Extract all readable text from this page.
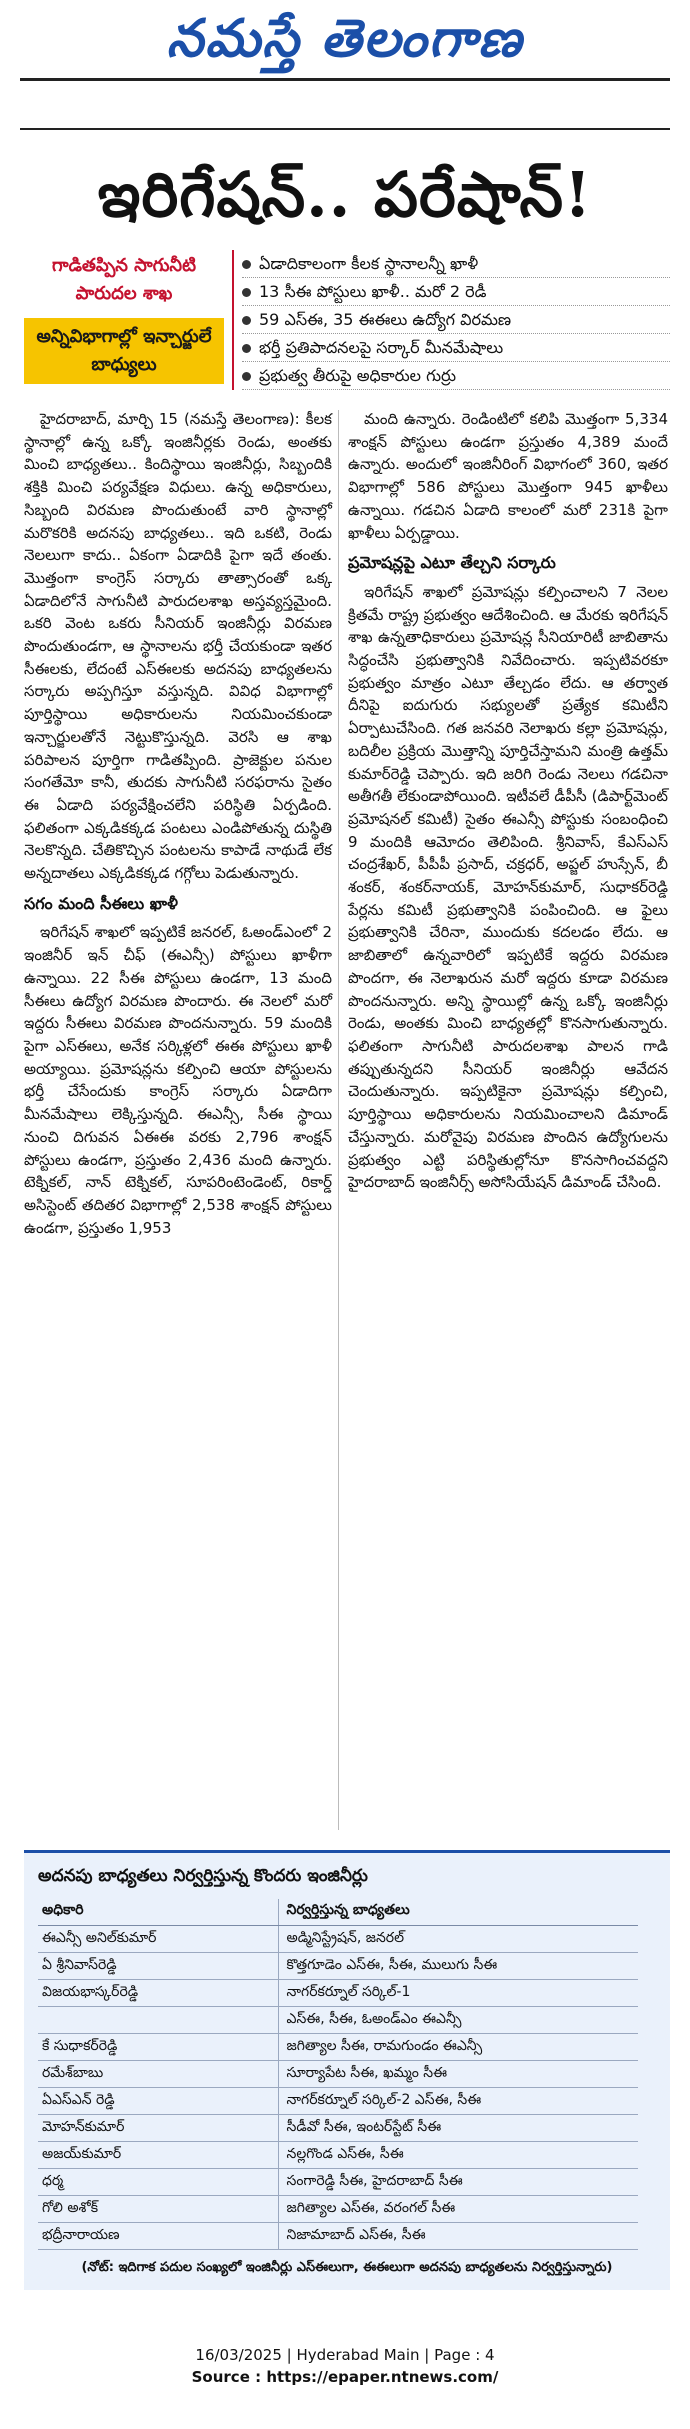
నమస్తే తెలంగాణ
ఇరిగేషన్.. పరేషాన్!
గాడితప్పిన సాగునీటి పారుదల శాఖ
అన్నివిభాగాల్లో ఇన్చార్జులే బాధ్యులు
ఏడాదికాలంగా కీలక స్థానాలన్నీ ఖాళీ
13 సీఈ పోస్టులు ఖాళీ.. మరో 2 రెడీ
59 ఎస్ఈ, 35 ఈఈలు ఉద్యోగ విరమణ
భర్తీ ప్రతిపాదనలపై సర్కార్ మీనమేషాలు
ప్రభుత్వ తీరుపై అధికారుల గుర్రు

హైదరాబాద్, మార్చి 15 (నమస్తే తెలంగాణ): కీలక స్థానాల్లో ఉన్న ఒక్కో ఇంజినీర్లకు రెండు, అంతకు మించి బాధ్యతలు.. కిందిస్థాయి ఇంజినీర్లు, సిబ్బందికి శక్తికి మించి పర్యవేక్షణ విధులు. ఉన్న అధికారులు, సిబ్బంది విరమణ పొందుతుంటే వారి స్థానాల్లో మరొకరికి అదనపు బాధ్యతలు.. ఇది ఒకటి, రెండు నెలలుగా కాదు.. ఏకంగా ఏడాదికి పైగా ఇదే తంతు. మొత్తంగా కాంగ్రెస్ సర్కారు తాత్సారంతో ఒక్క ఏడాదిలోనే సాగునీటి పారుదలశాఖ అస్తవ్యస్తమైంది. ఒకరి వెంట ఒకరు సీనియర్ ఇంజినీర్లు విరమణ పొందుతుండగా, ఆ స్థానాలను భర్తీ చేయకుండా ఇతర సీఈలకు, లేదంటే ఎస్ఈలకు అదనపు బాధ్యతలను సర్కారు అప్పగిస్తూ వస్తున్నది. వివిధ విభాగాల్లో పూర్తిస్థాయి అధికారులను నియమించకుండా ఇన్చార్జులతోనే నెట్టుకొస్తున్నది. వెరసి ఆ శాఖ పరిపాలన పూర్తిగా గాడితప్పింది. ప్రాజెక్టుల పనుల సంగతేమో కానీ, తుదకు సాగునీటి సరఫరాను సైతం ఈ ఏడాది పర్యవేక్షించలేని పరిస్థితి ఏర్పడింది. ఫలితంగా ఎక్కడికక్కడ పంటలు ఎండిపోతున్న దుస్థితి నెలకొన్నది. చేతికొచ్చిన పంటలను కాపాడే నాథుడే లేక అన్నదాతలు ఎక్కడికక్కడ గగ్గోలు పెడుతున్నారు.

సగం మంది సీఈలు ఖాళీ

ఇరిగేషన్ శాఖలో ఇప్పటికే జనరల్, ఓఅండ్ఎంలో 2 ఇంజినీర్ ఇన్ చీఫ్ (ఈఎన్సీ) పోస్టులు ఖాళీగా ఉన్నాయి. 22 సీఈ పోస్టులు ఉండగా, 13 మంది సీఈలు ఉద్యోగ విరమణ పొందారు. ఈ నెలలో మరో ఇద్దరు సీఈలు విరమణ పొందనున్నారు. 59 మందికి పైగా ఎస్ఈలు, అనేక సర్కిళ్లలో ఈఈ పోస్టులు ఖాళీ అయ్యాయి. ప్రమోషన్లను కల్పించి ఆయా పోస్టులను భర్తీ చేసేందుకు కాంగ్రెస్ సర్కారు ఏడాదిగా మీనమేషాలు లెక్కిస్తున్నది. ఈఎన్సీ, సీఈ స్థాయి నుంచి దిగువన ఏఈఈ వరకు 2,796 శాంక్షన్ పోస్టులు ఉండగా, ప్రస్తుతం 2,436 మంది ఉన్నారు. టెక్నికల్, నాన్ టెక్నికల్, సూపరింటెండెంట్, రికార్డ్ అసిస్టెంట్ తదితర విభాగాల్లో 2,538 శాంక్షన్ పోస్టులు ఉండగా, ప్రస్తుతం 1,953

మంది ఉన్నారు. రెండింటిలో కలిపి మొత్తంగా 5,334 శాంక్షన్ పోస్టులు ఉండగా ప్రస్తుతం 4,389 మందే ఉన్నారు. అందులో ఇంజినీరింగ్ విభాగంలో 360, ఇతర విభాగాల్లో 586 పోస్టులు మొత్తంగా 945 ఖాళీలు ఉన్నాయి. గడచిన ఏడాది కాలంలో మరో 231కి పైగా ఖాళీలు ఏర్పడ్డాయి.

ప్రమోషన్లపై ఎటూ తేల్చని సర్కారు

ఇరిగేషన్ శాఖలో ప్రమోషన్లు కల్పించాలని 7 నెలల క్రితమే రాష్ట్ర ప్రభుత్వం ఆదేశించింది. ఆ మేరకు ఇరిగేషన్ శాఖ ఉన్నతాధికారులు ప్రమోషన్ల సీనియారిటీ జాబితాను సిద్ధంచేసి ప్రభుత్వానికి నివేదించారు. ఇప్పటివరకూ ప్రభుత్వం మాత్రం ఎటూ తేల్చడం లేదు. ఆ తర్వాత దీనిపై ఐదుగురు సభ్యులతో ప్రత్యేక కమిటీని ఏర్పాటుచేసింది. గత జనవరి నెలాఖరు కల్లా ప్రమోషన్లు, బదిలీల ప్రక్రియ మొత్తాన్ని పూర్తిచేస్తామని మంత్రి ఉత్తమ్ కుమార్‌రెడ్డి చెప్పారు. ఇది జరిగి రెండు నెలలు గడచినా అతీగతీ లేకుండాపోయింది. ఇటీవలే డీపీసీ (డిపార్ట్‌మెంట్ ప్రమోషనల్ కమిటీ) సైతం ఈఎన్సీ పోస్టుకు సంబంధించి 9 మందికి ఆమోదం తెలిపింది. శ్రీనివాస్, కేఎస్ఎస్ చంద్రశేఖర్, పీపీపీ ప్రసాద్, చక్రధర్, అప్జల్ హుస్సేన్, బీ శంకర్, శంకర్‌నాయక్, మోహన్‌కుమార్, సుధాకర్‌రెడ్డి పేర్లను కమిటీ ప్రభుత్వానికి పంపించింది. ఆ ఫైలు ప్రభుత్వానికి చేరినా, ముందుకు కదలడం లేదు. ఆ జాబితాలో ఉన్నవారిలో ఇప్పటికే ఇద్దరు విరమణ పొందగా, ఈ నెలాఖరున మరో ఇద్దరు కూడా విరమణ పొందనున్నారు. అన్ని స్థాయిల్లో ఉన్న ఒక్కో ఇంజినీర్లు రెండు, అంతకు మించి బాధ్యతల్లో కొనసాగుతున్నారు. ఫలితంగా సాగునీటి పారుదలశాఖ పాలన గాడి తప్పుతున్నదని సీనియర్ ఇంజినీర్లు ఆవేదన చెందుతున్నారు. ఇప్పటికైనా ప్రమోషన్లు కల్పించి, పూర్తిస్థాయి అధికారులను నియమించాలని డిమాండ్ చేస్తున్నారు. మరోవైపు విరమణ పొందిన ఉద్యోగులను ప్రభుత్వం ఎట్టి పరిస్థితుల్లోనూ కొనసాగించవద్దని హైదరాబాద్ ఇంజినీర్స్ అసోసియేషన్ డిమాండ్ చేసింది.

అదనపు బాధ్యతలు నిర్వర్తిస్తున్న కొందరు ఇంజినీర్లు
అధికారి	నిర్వర్తిస్తున్న బాధ్యతలు
ఈఎన్సీ అనిల్‌కుమార్	అడ్మినిస్ట్రేషన్, జనరల్
ఏ శ్రీనివాస్‌రెడ్డి	కొత్తగూడెం ఎస్ఈ, సీఈ, ములుగు సీఈ
విజయభాస్కర్‌రెడ్డి	నాగర్‌కర్నూల్ సర్కిల్-1
	ఎస్ఈ, సీఈ, ఓఅండ్ఎం ఈఎన్సీ
కే సుధాకర్‌రెడ్డి	జగిత్యాల సీఈ, రామగుండం ఈఎన్సీ
రమేశ్‌బాబు	సూర్యాపేట సీఈ, ఖమ్మం సీఈ
ఏఎస్ఎన్ రెడ్డి	నాగర్‌కర్నూల్ సర్కిల్-2 ఎస్ఈ, సీఈ
మోహన్‌కుమార్	సీడీవో సీఈ, ఇంటర్‌స్టేట్ సీఈ
అజయ్‌కుమార్	నల్లగొండ ఎస్ఈ, సీఈ
ధర్మ	సంగారెడ్డి సీఈ, హైదరాబాద్ సీఈ
గోలి అశోక్	జగిత్యాల ఎస్ఈ, వరంగల్ సీఈ
భద్రీనారాయణ	నిజామాబాద్ ఎస్ఈ, సీఈ
(నోట్: ఇదిగాక పదుల సంఖ్యలో ఇంజినీర్లు ఎస్ఈలుగా, ఈఈలుగా అదనపు బాధ్యతలను నిర్వర్తిస్తున్నారు)
16/03/2025 | Hyderabad Main | Page : 4
Source : https://epaper.ntnews.com/
